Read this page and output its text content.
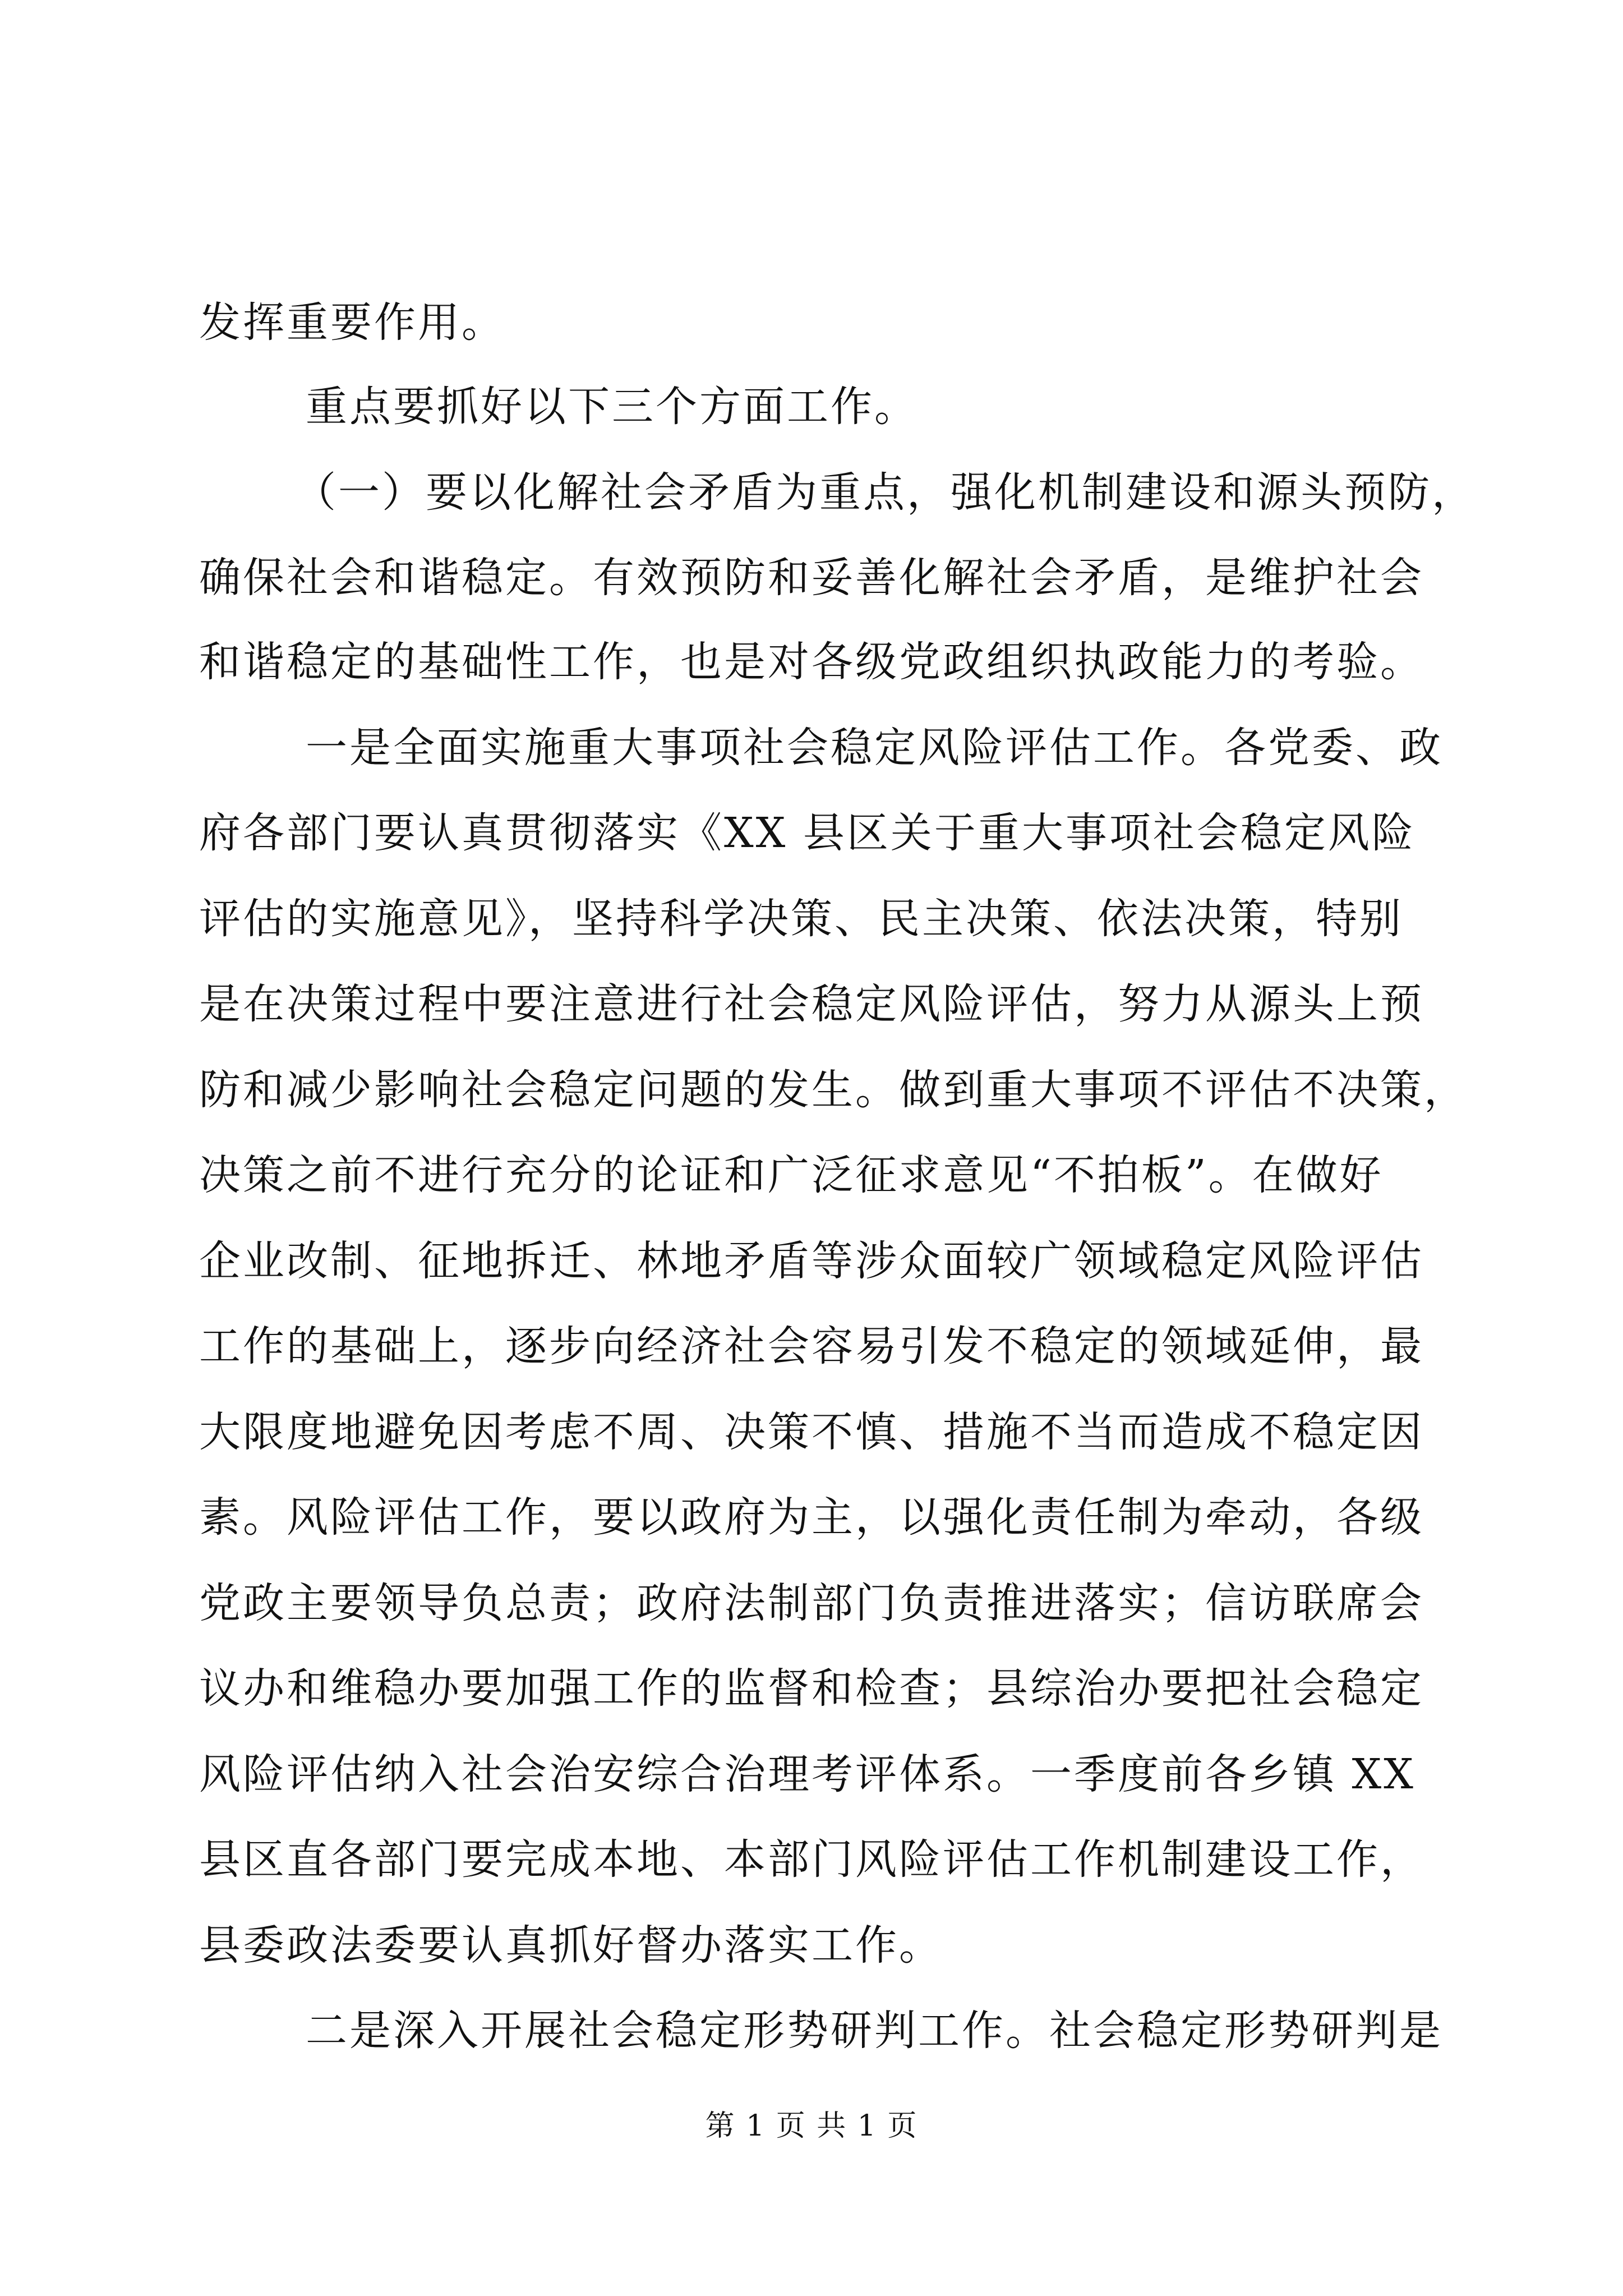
发挥重要作用。
重点要抓好以下三个方面工作。
（一）要以化解社会矛盾为重点，强化机制建设和源头预防，
确保社会和谐稳定。有效预防和妥善化解社会矛盾，是维护社会
和谐稳定的基础性工作，也是对各级党政组织执政能力的考验。
一是全面实施重大事项社会稳定风险评估工作。各党委、政
府各部门要认真贯彻落实《XX 县区关于重大事项社会稳定风险
评估的实施意见》，坚持科学决策、民主决策、依法决策，特别
是在决策过程中要注意进行社会稳定风险评估，努力从源头上预
防和减少影响社会稳定问题的发生。做到重大事项不评估不决策，
决策之前不进行充分的论证和广泛征求意见“不拍板”。在做好
企业改制、征地拆迁、林地矛盾等涉众面较广领域稳定风险评估
工作的基础上，逐步向经济社会容易引发不稳定的领域延伸，最
大限度地避免因考虑不周、决策不慎、措施不当而造成不稳定因
素。风险评估工作，要以政府为主，以强化责任制为牵动，各级
党政主要领导负总责；政府法制部门负责推进落实；信访联席会
议办和维稳办要加强工作的监督和检查；县综治办要把社会稳定
风险评估纳入社会治安综合治理考评体系。一季度前各乡镇 XX
县区直各部门要完成本地、本部门风险评估工作机制建设工作，
县委政法委要认真抓好督办落实工作。
二是深入开展社会稳定形势研判工作。社会稳定形势研判是
第 1 页 共 1 页
